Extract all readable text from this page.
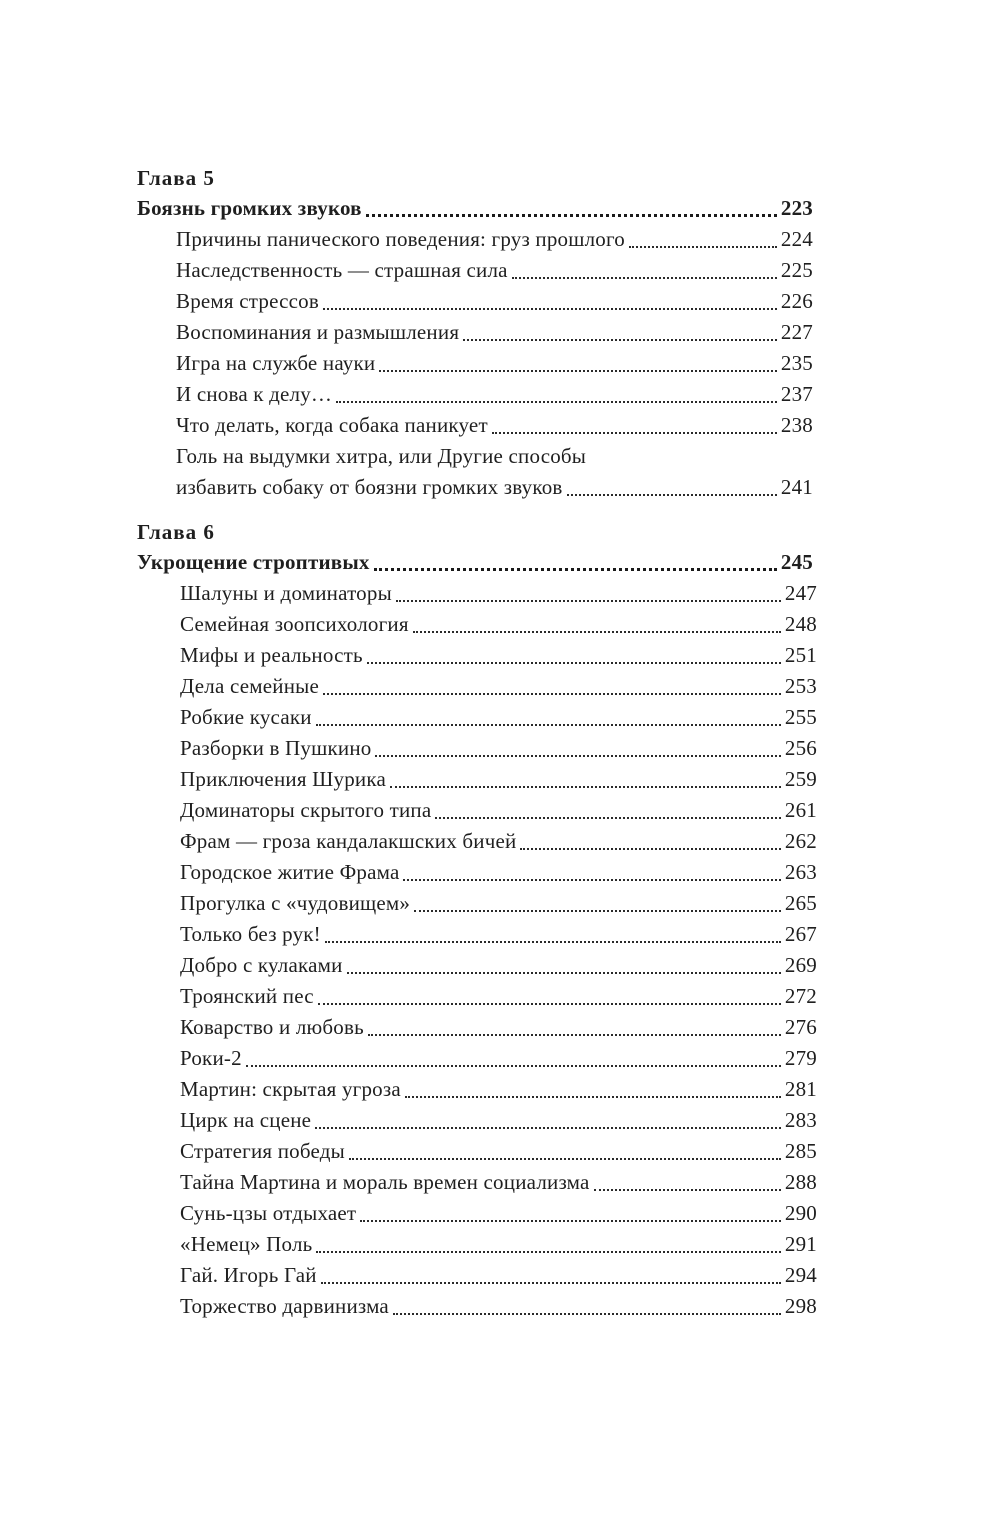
Глава 5
Боязнь громких звуков	223
Причины панического поведения: груз прошлого	224
Наследственность — страшная сила	225
Время стрессов	226
Воспоминания и размышления	227
Игра на службе науки	235
И снова к делу…	237
Что делать, когда собака паникует	238
Голь на выдумки хитра, или Другие способы
избавить собаку от боязни громких звуков	241
Глава 6
Укрощение строптивых	245
Шалуны и доминаторы	247
Семейная зоопсихология	248
Мифы и реальность	251
Дела семейные	253
Робкие кусаки	255
Разборки в Пушкино	256
Приключения Шурика	259
Доминаторы скрытого типа	261
Фрам — гроза кандалакшских бичей	262
Городское житие Фрама	263
Прогулка с «чудовищем»	265
Только без рук!	267
Добро с кулаками	269
Троянский пес	272
Коварство и любовь	276
Роки-2	279
Мартин: скрытая угроза	281
Цирк на сцене	283
Стратегия победы	285
Тайна Мартина и мораль времен социализма	288
Сунь-цзы отдыхает	290
«Немец» Поль	291
Гай. Игорь Гай	294
Торжество дарвинизма	298
